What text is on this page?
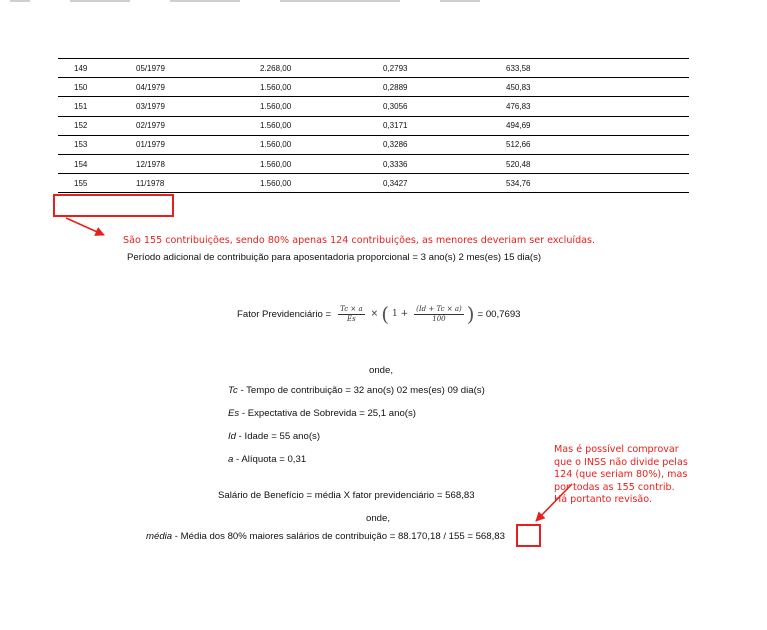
149	05/1979	2.268,00	0,2793	633,58
150	04/1979	1.560,00	0,2889	450,83
151	03/1979	1.560,00	0,3056	476,83
152	02/1979	1.560,00	0,3171	494,69
153	01/1979	1.560,00	0,3286	512,66
154	12/1978	1.560,00	0,3336	520,48
155	11/1978	1.560,00	0,3427	534,76
São 155 contribuições, sendo 80% apenas 124 contribuições, as menores deveriam ser excluídas.
Período adicional de contribuição para aposentadoria proporcional = 3 ano(s) 2 mes(es) 15 dia(s)
Fator Previdenciário = $\frac{Tc \times a}{Es}$ × ( $1 + \frac{(Id + Tc \times a)}{100}$ ) = 00,7693
onde,
Tc - Tempo de contribuição = 32 ano(s) 02 mes(es) 09 dia(s)
Es - Expectativa de Sobrevida = 25,1 ano(s)
Id - Idade = 55 ano(s)
a - Alíquota = 0,31
Salário de Benefício = média X fator previdenciário = 568,83
onde,
média - Média dos 80% maiores salários de contribuição = 88.170,18 / 155 = 568,83
Mas é possível comprovar
que o INSS não divide pelas
124 (que seriam 80%), mas
por todas as 155 contrib.
Há portanto revisão.
